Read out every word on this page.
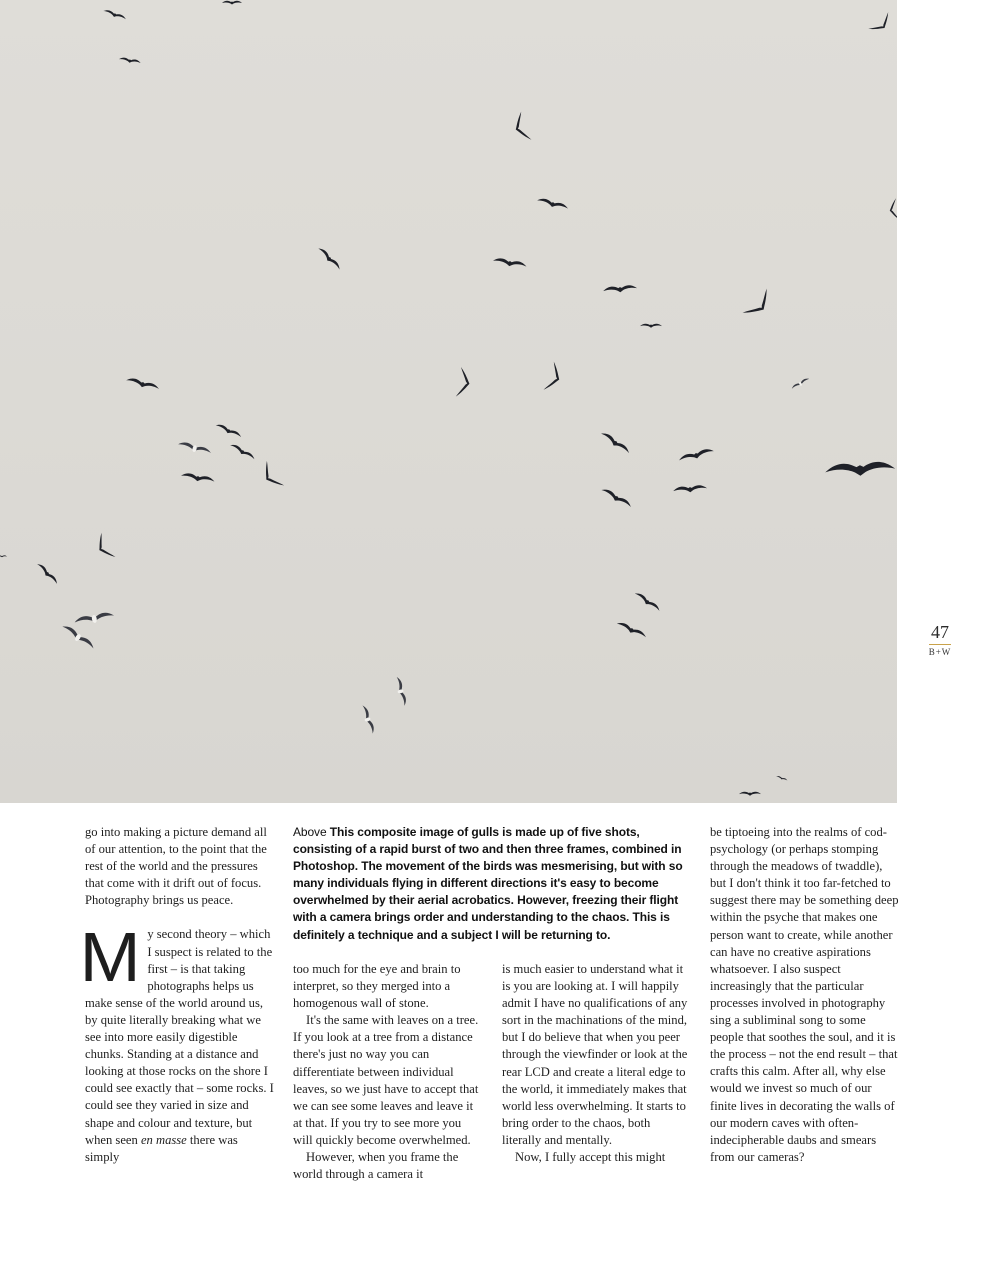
47
B+W

go into making a picture demand all of our attention, to the point that the rest of the world and the pressures that come with it drift out of focus. Photography brings us peace.

My second theory – which I suspect is related to the first – is that taking photographs helps us make sense of the world around us, by quite literally breaking what we see into more easily digestible chunks. Standing at a distance and looking at those rocks on the shore I could see exactly that – some rocks. I could see they varied in size and shape and colour and texture, but when seen en masse there was simply

Above This composite image of gulls is made up of five shots, consisting of a rapid burst of two and then three frames, combined in Photoshop. The movement of the birds was mesmerising, but with so many individuals flying in different directions it's easy to become overwhelmed by their aerial acrobatics. However, freezing their flight with a camera brings order and understanding to the chaos. This is definitely a technique and a subject I will be returning to.

too much for the eye and brain to interpret, so they merged into a homogenous wall of stone.

It's the same with leaves on a tree. If you look at a tree from a distance there's just no way you can differentiate between individual leaves, so we just have to accept that we can see some leaves and leave it at that. If you try to see more you will quickly become overwhelmed.

However, when you frame the world through a camera it

is much easier to understand what it is you are looking at. I will happily admit I have no qualifications of any sort in the machinations of the mind, but I do believe that when you peer through the viewfinder or look at the rear LCD and create a literal edge to the world, it immediately makes that world less overwhelming. It starts to bring order to the chaos, both literally and mentally.

Now, I fully accept this might

be tiptoeing into the realms of cod-psychology (or perhaps stomping through the meadows of twaddle), but I don't think it too far-fetched to suggest there may be something deep within the psyche that makes one person want to create, while another can have no creative aspirations whatsoever. I also suspect increasingly that the particular processes involved in photography sing a subliminal song to some people that soothes the soul, and it is the process – not the end result – that crafts this calm. After all, why else would we invest so much of our finite lives in decorating the walls of our modern caves with often-indecipherable daubs and smears from our cameras?
